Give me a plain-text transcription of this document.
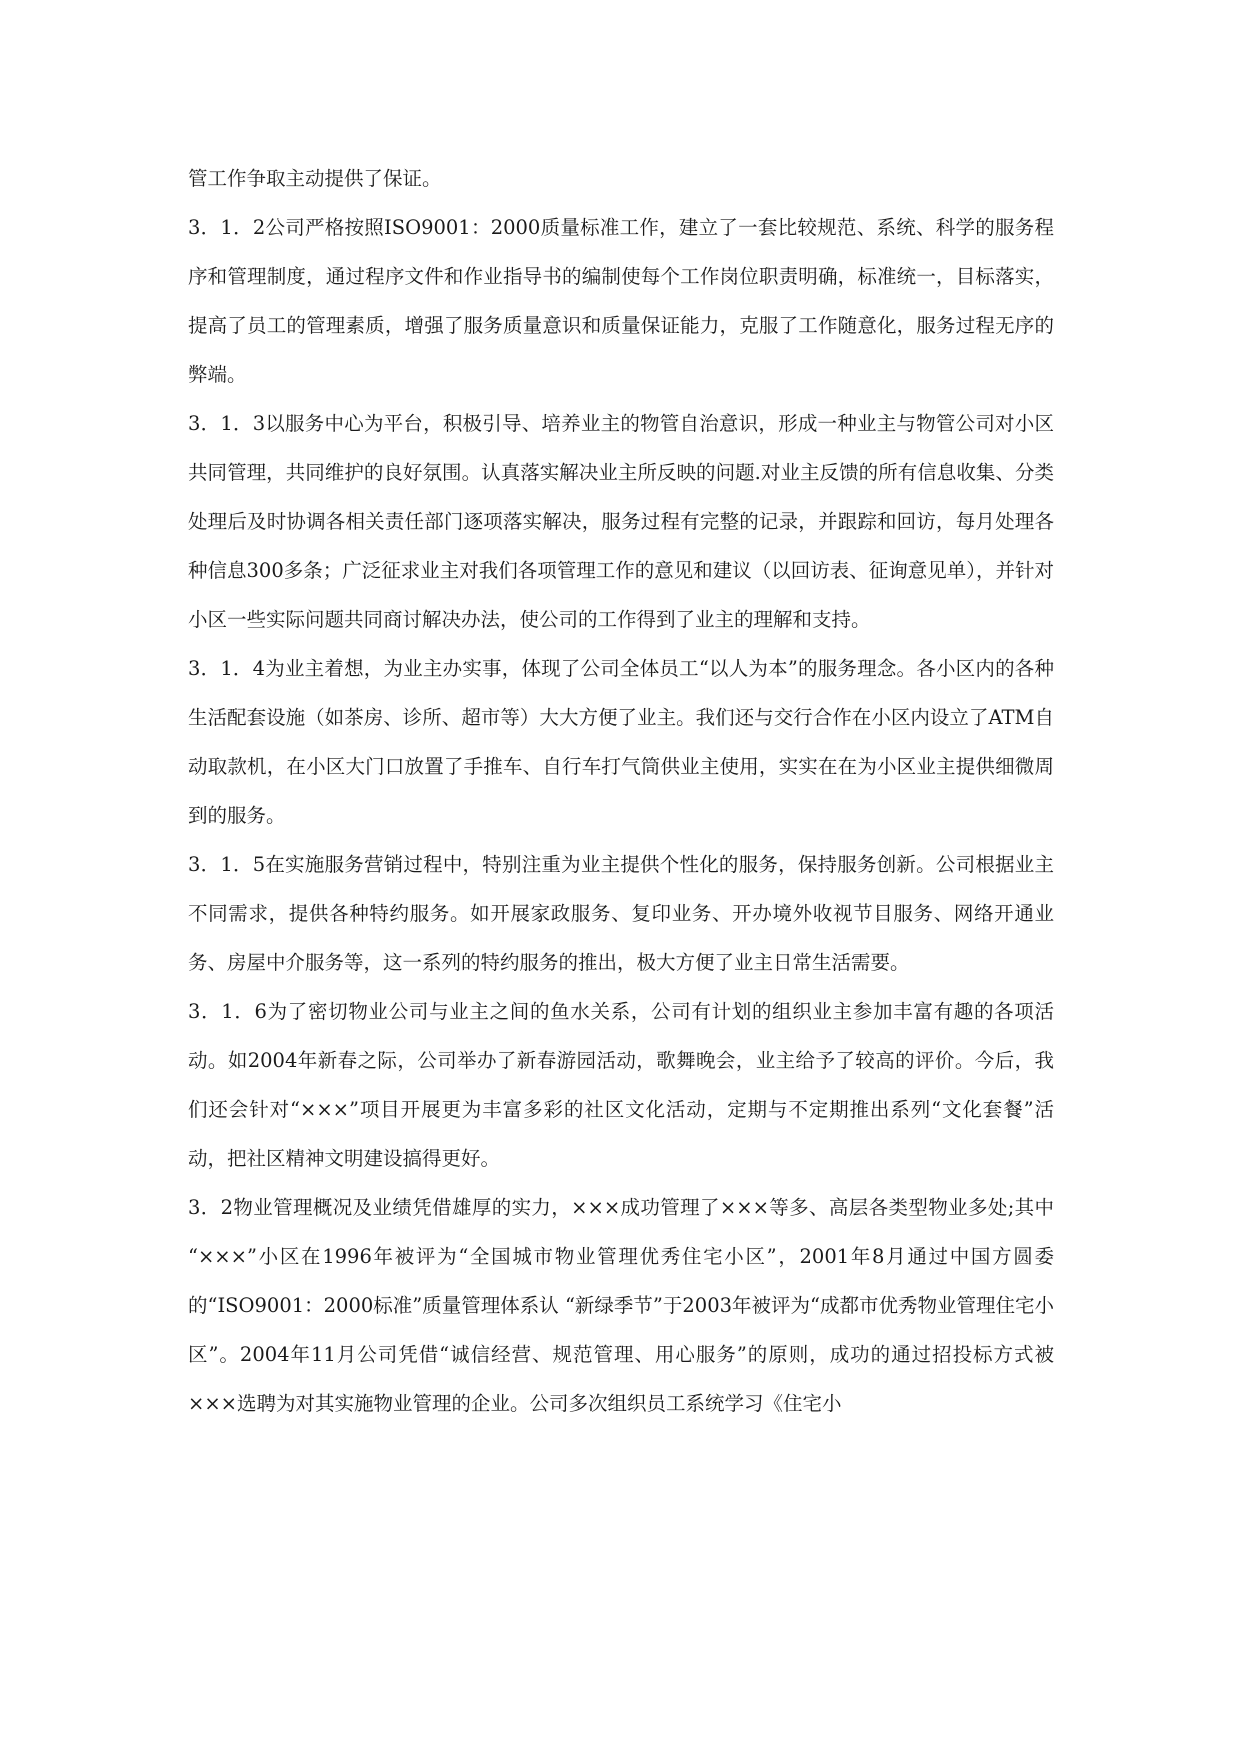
管工作争取主动提供了保证。

3．1．2公司严格按照ISO9001：2000质量标准工作，建立了一套比较规范、系统、科学的服务程序和管理制度，通过程序文件和作业指导书的编制使每个工作岗位职责明确，标准统一，目标落实，提高了员工的管理素质，增强了服务质量意识和质量保证能力，克服了工作随意化，服务过程无序的弊端。

3．1．3以服务中心为平台，积极引导、培养业主的物管自治意识，形成一种业主与物管公司对小区共同管理，共同维护的良好氛围。认真落实解决业主所反映的问题.对业主反馈的所有信息收集、分类处理后及时协调各相关责任部门逐项落实解决，服务过程有完整的记录，并跟踪和回访，每月处理各种信息300多条；广泛征求业主对我们各项管理工作的意见和建议（以回访表、征询意见单），并针对小区一些实际问题共同商讨解决办法，使公司的工作得到了业主的理解和支持。

3．1．4为业主着想，为业主办实事，体现了公司全体员工“以人为本”的服务理念。各小区内的各种生活配套设施（如茶房、诊所、超市等）大大方便了业主。我们还与交行合作在小区内设立了ATM自动取款机，在小区大门口放置了手推车、自行车打气筒供业主使用，实实在在为小区业主提供细微周到的服务。

3．1．5在实施服务营销过程中，特别注重为业主提供个性化的服务，保持服务创新。公司根据业主不同需求，提供各种特约服务。如开展家政服务、复印业务、开办境外收视节目服务、网络开通业务、房屋中介服务等，这一系列的特约服务的推出，极大方便了业主日常生活需要。

3．1．6为了密切物业公司与业主之间的鱼水关系，公司有计划的组织业主参加丰富有趣的各项活动。如2004年新春之际，公司举办了新春游园活动，歌舞晚会，业主给予了较高的评价。今后，我们还会针对“×××”项目开展更为丰富多彩的社区文化活动，定期与不定期推出系列“文化套餐”活动，把社区精神文明建设搞得更好。

3．2物业管理概况及业绩凭借雄厚的实力，×××成功管理了×××等多、高层各类型物业多处;其中 “×××”小区在1996年被评为“全国城市物业管理优秀住宅小区”，2001年8月通过中国方圆委的“ISO9001：2000标准”质量管理体系认 “新绿季节”于2003年被评为“成都市优秀物业管理住宅小区”。2004年11月公司凭借“诚信经营、规范管理、用心服务”的原则，成功的通过招投标方式被×××选聘为对其实施物业管理的企业。公司多次组织员工系统学习《住宅小
